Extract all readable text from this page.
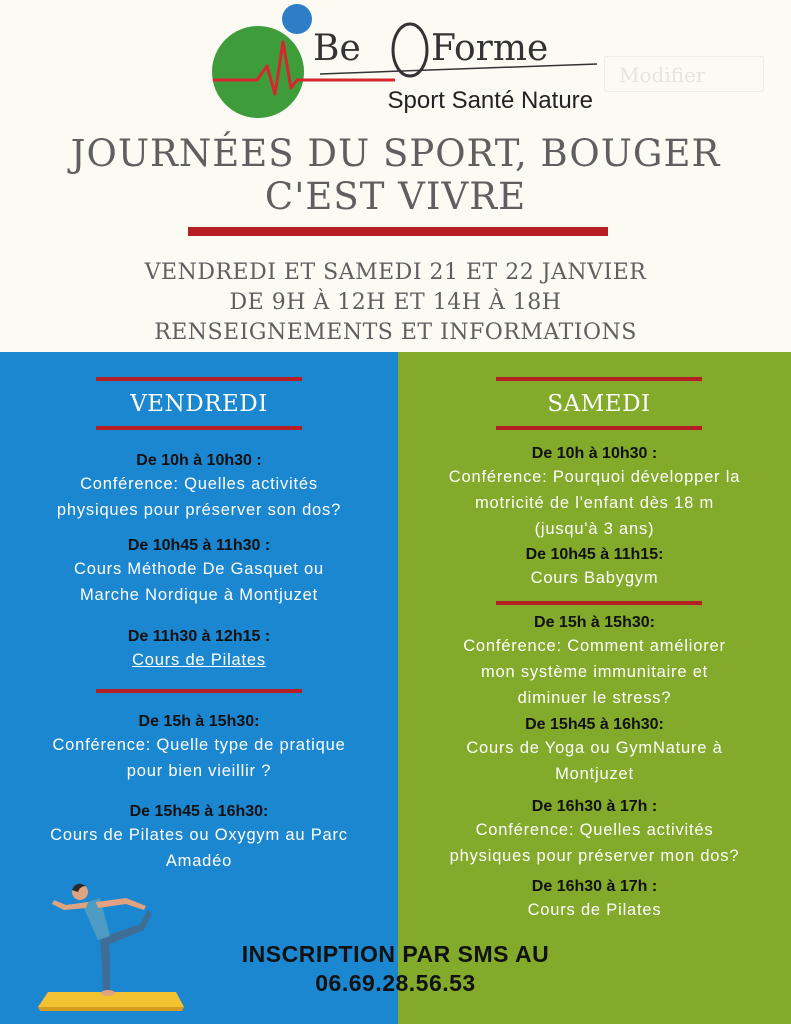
Be Forme
Sport Santé Nature
Modifier
JOURNÉES DU SPORT, BOUGER
C'EST VIVRE
VENDREDI ET SAMEDI 21 ET 22 JANVIER
DE 9H À 12H ET 14H À 18H
RENSEIGNEMENTS ET INFORMATIONS
VENDREDI
De 10h à 10h30 :
Conférence: Quelles activités
physiques pour préserver son dos?
De 10h45 à 11h30 :
Cours Méthode De Gasquet ou
Marche Nordique à Montjuzet
De 11h30 à 12h15 :
Cours de Pilates
De 15h à 15h30:
Conférence: Quelle type de pratique
pour bien vieillir ?
De 15h45 à 16h30:
Cours de Pilates ou Oxygym au Parc
Amadéo
SAMEDI
De 10h à 10h30 :
Conférence: Pourquoi développer la
motricité de l'enfant dès 18 m
(jusqu'à 3 ans)
De 10h45 à 11h15:
Cours Babygym
De 15h à 15h30:
Conférence: Comment améliorer
mon système immunitaire et
diminuer le stress?
De 15h45 à 16h30:
Cours de Yoga ou GymNature à
Montjuzet
De 16h30 à 17h :
Conférence: Quelles activités
physiques pour préserver mon dos?
De 16h30 à 17h :
Cours de Pilates
INSCRIPTION PAR SMS AU
06.69.28.56.53
